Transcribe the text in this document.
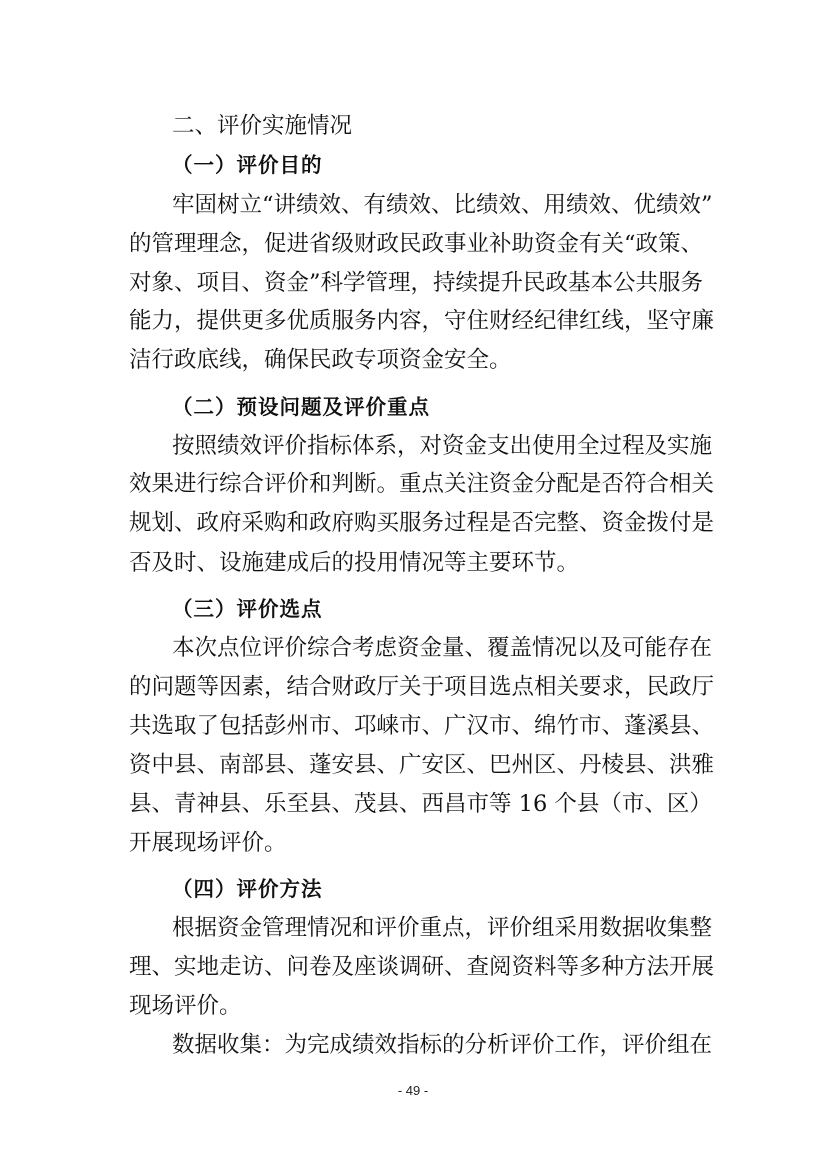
二、评价实施情况
（一）评价目的
牢固树立“讲绩效、有绩效、比绩效、用绩效、优绩效”
的管理理念，促进省级财政民政事业补助资金有关“政策、
对象、项目、资金”科学管理，持续提升民政基本公共服务
能力，提供更多优质服务内容，守住财经纪律红线，坚守廉
洁行政底线，确保民政专项资金安全。
（二）预设问题及评价重点
按照绩效评价指标体系，对资金支出使用全过程及实施
效果进行综合评价和判断。重点关注资金分配是否符合相关
规划、政府采购和政府购买服务过程是否完整、资金拨付是
否及时、设施建成后的投用情况等主要环节。
（三）评价选点
本次点位评价综合考虑资金量、覆盖情况以及可能存在
的问题等因素，结合财政厅关于项目选点相关要求，民政厅
共选取了包括彭州市、邛崃市、广汉市、绵竹市、蓬溪县、
资中县、南部县、蓬安县、广安区、巴州区、丹棱县、洪雅
县、青神县、乐至县、茂县、西昌市等 16 个县（市、区）
开展现场评价。
（四）评价方法
根据资金管理情况和评价重点，评价组采用数据收集整
理、实地走访、问卷及座谈调研、查阅资料等多种方法开展
现场评价。
数据收集：为完成绩效指标的分析评价工作，评价组在
- 49 -
